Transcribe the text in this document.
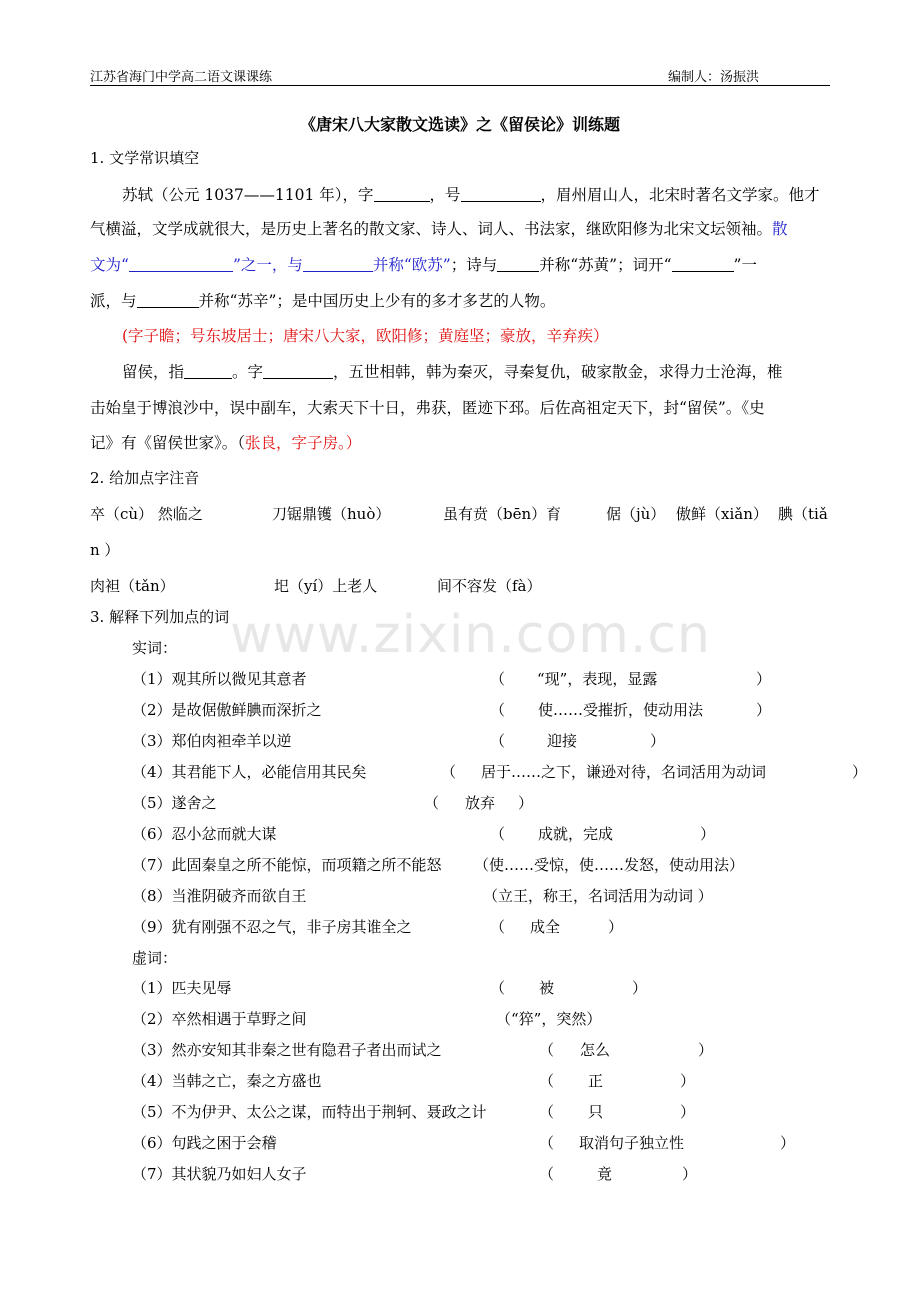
江苏省海门中学高二语文课课练	编制人：汤振洪
《唐宋八大家散文选读》之《留侯论》训练题
1. 文学常识填空
苏轼（公元 1037——1101 年），字	，号	，眉州眉山人，北宋时著名文学家。他才
气横溢，文学成就很大，是历史上著名的散文家、诗人、词人、书法家，继欧阳修为北宋文坛领袖。散
文为“	”之一，与	并称“欧苏”；诗与	并称“苏黄”；词开“	”一
派，与	并称“苏辛”；是中国历史上少有的多才多艺的人物。
(字子瞻；号东坡居士；唐宋八大家，欧阳修；黄庭坚；豪放，辛弃疾）
留侯，指	。字	，五世相韩，韩为秦灭，寻秦复仇，破家散金，求得力士沧海，椎
击始皇于博浪沙中，误中副车，大索天下十日，弗获，匿迹下邳。后佐高祖定天下，封“留侯”。《史
记》有《留侯世家》。（张良，字子房。）
2. 给加点字注音
卒（cù） 然临之	刀锯鼎镬（huò）	虽有贲（bēn）育	倨（jù） 傲鲜（xiǎn） 腆（tiǎ
n ）
肉袒（tǎn）	圯（yí）上老人	间不容发（fà）
3. 解释下列加点的词
实词：
（1）观其所以微见其意者	（ “现”，表现，显露	）
（2）是故倨傲鲜腆而深折之	（ 使……受摧折，使动用法	）
（3）郑伯肉袒牵羊以逆	（	迎接	）
（4）其君能下人，必能信用其民矣	（ 居于……之下，谦逊对待，名词活用为动词	）
（5）遂舍之	（ 放弃 ）
（6）忍小忿而就大谋	（ 成就，完成	）
（7）此固秦皇之所不能惊，而项籍之所不能怒 （使……受惊，使……发怒，使动用法）
（8）当淮阴破齐而欲自王	（立王，称王，名词活用为动词 ）
（9）犹有刚强不忍之气，非子房其谁全之	（ 成全	）
虚词：
（1）匹夫见辱	（ 被	）
（2）卒然相遇于草野之间	（“猝”，突然）
（3）然亦安知其非秦之世有隐君子者出而试之	（ 怎么	）
（4）当韩之亡，秦之方盛也	（ 正	）
（5）不为伊尹、太公之谋，而特出于荆轲、聂政之计	（ 只	）
（6）句践之困于会稽	（ 取消句子独立性	）
（7）其状貌乃如妇人女子	（	竟	）
www.zixin.com.cn
